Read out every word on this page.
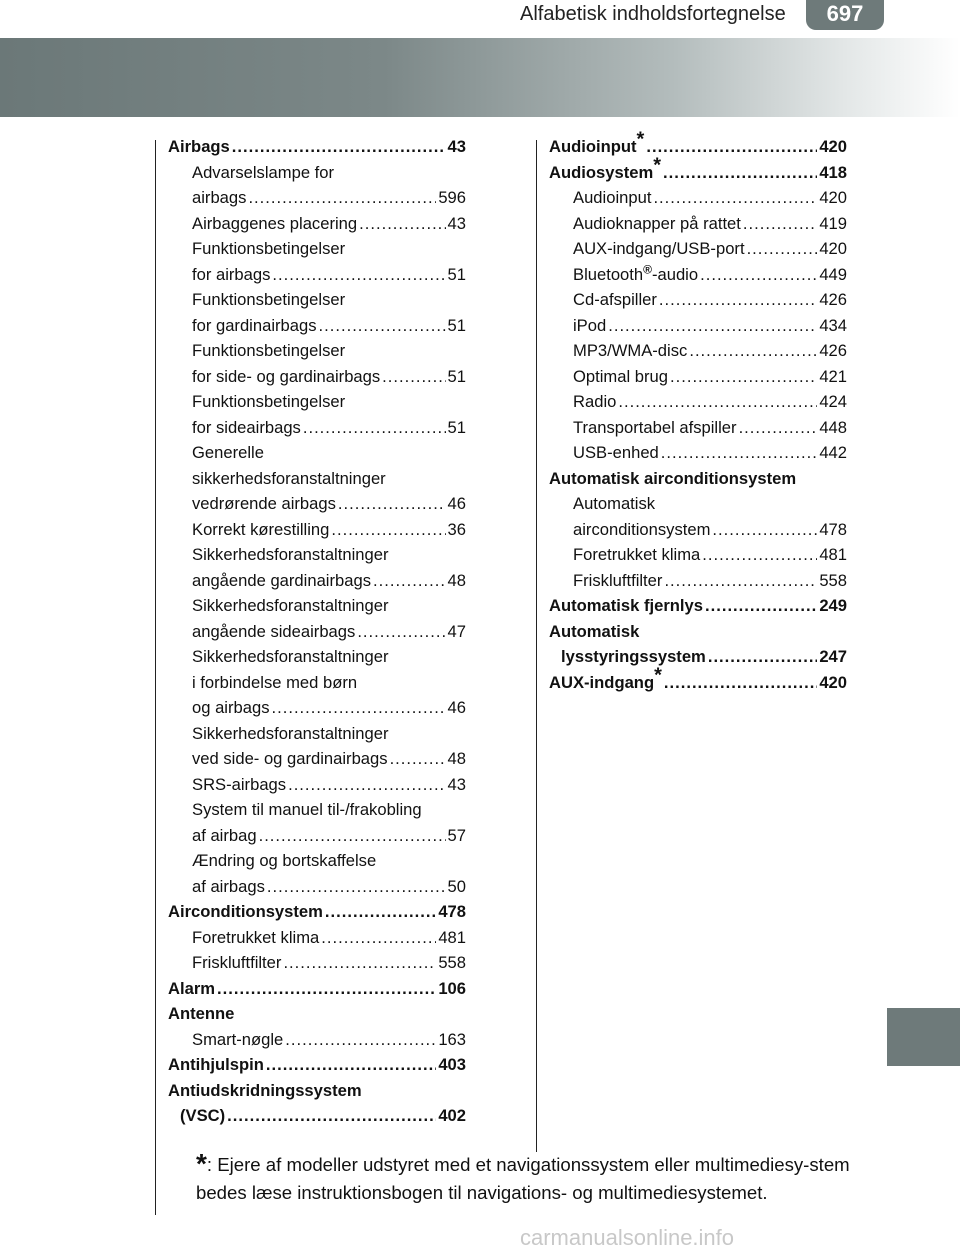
Alfabetisk indholdsfortegnelse	697
Airbags .....	43
Advarselslampe for
airbags .....	596
Airbaggenes placering .....	43
Funktionsbetingelser
for airbags .....	51
Funktionsbetingelser
for gardinairbags .....	51
Funktionsbetingelser
for side- og gardinairbags .....	51
Funktionsbetingelser
for sideairbags .....	51
Generelle
sikkerhedsforanstaltninger
vedrørende airbags .....	46
Korrekt kørestilling .....	36
Sikkerhedsforanstaltninger
angående gardinairbags .....	48
Sikkerhedsforanstaltninger
angående sideairbags .....	47
Sikkerhedsforanstaltninger
i forbindelse med børn
og airbags .....	46
Sikkerhedsforanstaltninger
ved side- og gardinairbags .....	48
SRS-airbags .....	43
System til manuel til-/frakobling
af airbag .....	57
Ændring og bortskaffelse
af airbags .....	50
Airconditionsystem .....	478
Foretrukket klima .....	481
Friskluftfilter .....	558
Alarm .....	106
Antenne
Smart-nøgle .....	163
Antihjulspin .....	403
Antiudskridningssystem
(VSC) .....	402
Audioinput* .....	420
Audiosystem* .....	418
Audioinput .....	420
Audioknapper på rattet .....	419
AUX-indgang/USB-port .....	420
Bluetooth®-audio .....	449
Cd-afspiller .....	426
iPod .....	434
MP3/WMA-disc .....	426
Optimal brug .....	421
Radio .....	424
Transportabel afspiller .....	448
USB-enhed .....	442
Automatisk airconditionsystem
Automatisk
airconditionsystem .....	478
Foretrukket klima .....	481
Friskluftfilter .....	558
Automatisk fjernlys .....	249
Automatisk
lysstyringssystem .....	247
AUX-indgang* .....	420
*: Ejere af modeller udstyret med et navigationssystem eller multimediesy-stem bedes læse instruktionsbogen til navigations- og multimediesystemet.
carmanualsonline.info
